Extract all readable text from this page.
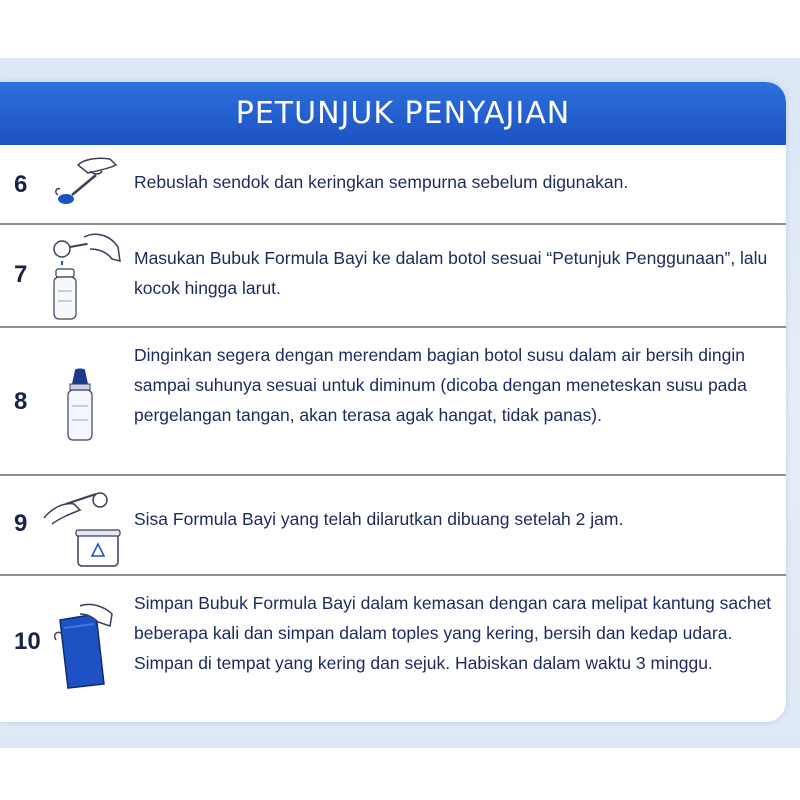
PETUNJUK PENYAJIAN
6	Rebuslah sendok dan keringkan sempurna sebelum digunakan.
7
Masukan Bubuk Formula Bayi ke dalam botol sesuai “Petunjuk Penggunaan”, lalu kocok hingga larut.
8
Dinginkan segera dengan merendam bagian botol susu dalam air bersih dingin sampai suhunya sesuai untuk diminum (dicoba dengan meneteskan susu pada pergelangan tangan, akan terasa agak hangat, tidak panas).
9	Sisa Formula Bayi yang telah dilarutkan dibuang setelah 2 jam.
10
Simpan Bubuk Formula Bayi dalam kemasan dengan cara melipat kantung sachet beberapa kali dan simpan dalam toples yang kering, bersih dan kedap udara. Simpan di tempat yang kering dan sejuk. Habiskan dalam waktu 3 minggu.
